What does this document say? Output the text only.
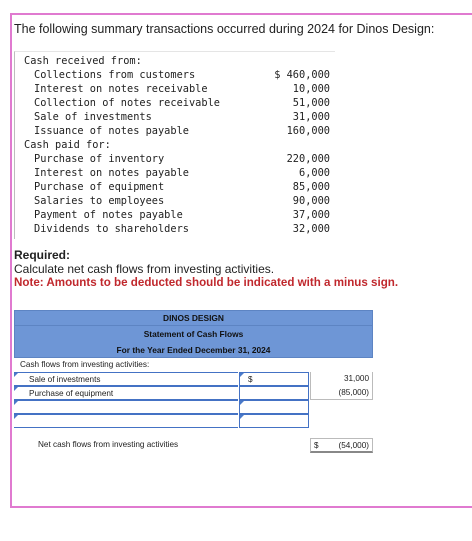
The following summary transactions occurred during 2024 for Dinos Design:
Cash received from:
Collections from customers	$ 460,000
Interest on notes receivable	10,000
Collection of notes receivable	51,000
Sale of investments	31,000
Issuance of notes payable	160,000
Cash paid for:
Purchase of inventory	220,000
Interest on notes payable	6,000
Purchase of equipment	85,000
Salaries to employees	90,000
Payment of notes payable	37,000
Dividends to shareholders	32,000
Required:
Calculate net cash flows from investing activities.
Note: Amounts to be deducted should be indicated with a minus sign.
DINOS DESIGN
Statement of Cash Flows
For the Year Ended December 31, 2024
Cash flows from investing activities:
Sale of investments	$	31,000
Purchase of equipment	(85,000)
Net cash flows from investing activities	$ (54,000)
